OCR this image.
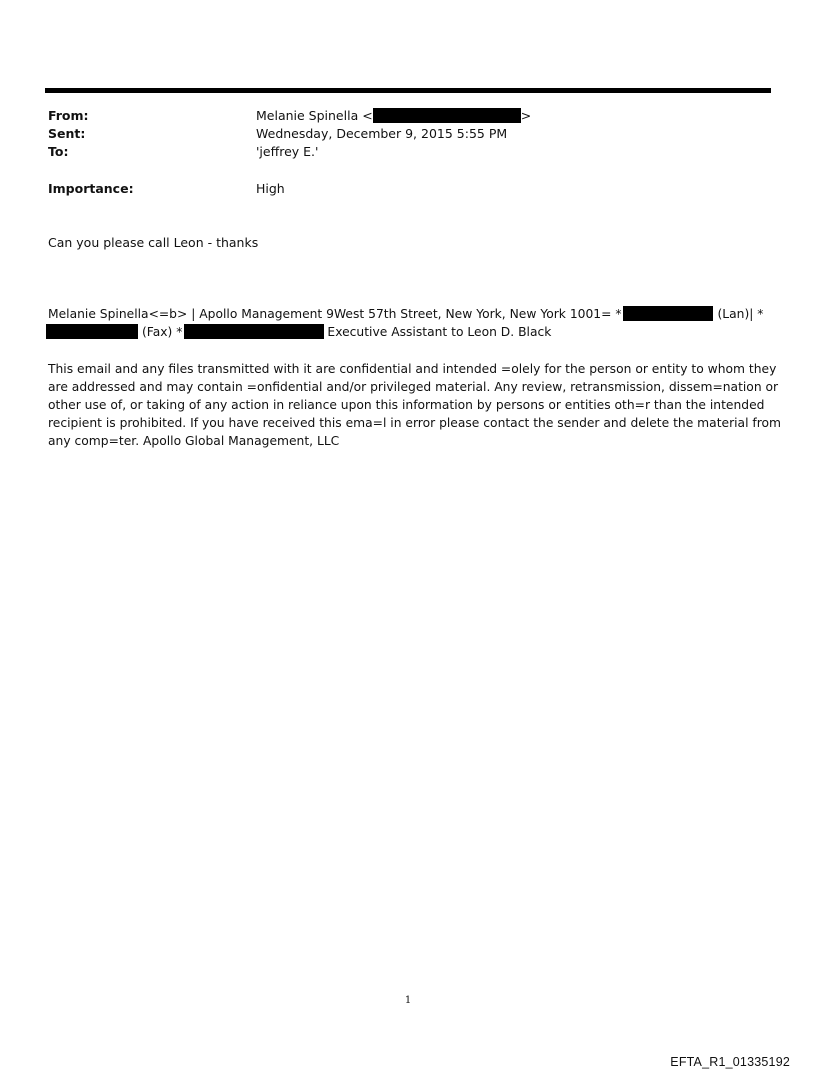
From:	Melanie Spinella <	>
Sent:	Wednesday, December 9, 2015 5:55 PM
To:	'jeffrey E.'
Importance:	High
Can you please call Leon - thanks
Melanie Spinella<=b> | Apollo Management 9West 57th Street, New York, New York 1001= *	(Lan)| *
(Fax) *	Executive Assistant to Leon D. Black
This email and any files transmitted with it are confidential and intended =olely for the person or entity to whom they
are addressed and may contain =onfidential and/or privileged material. Any review, retransmission, dissem=nation or
other use of, or taking of any action in reliance upon this information by persons or entities oth=r than the intended
recipient is prohibited. If you have received this ema=l in error please contact the sender and delete the material from
any comp=ter. Apollo Global Management, LLC
1
EFTA_R1_01335192
